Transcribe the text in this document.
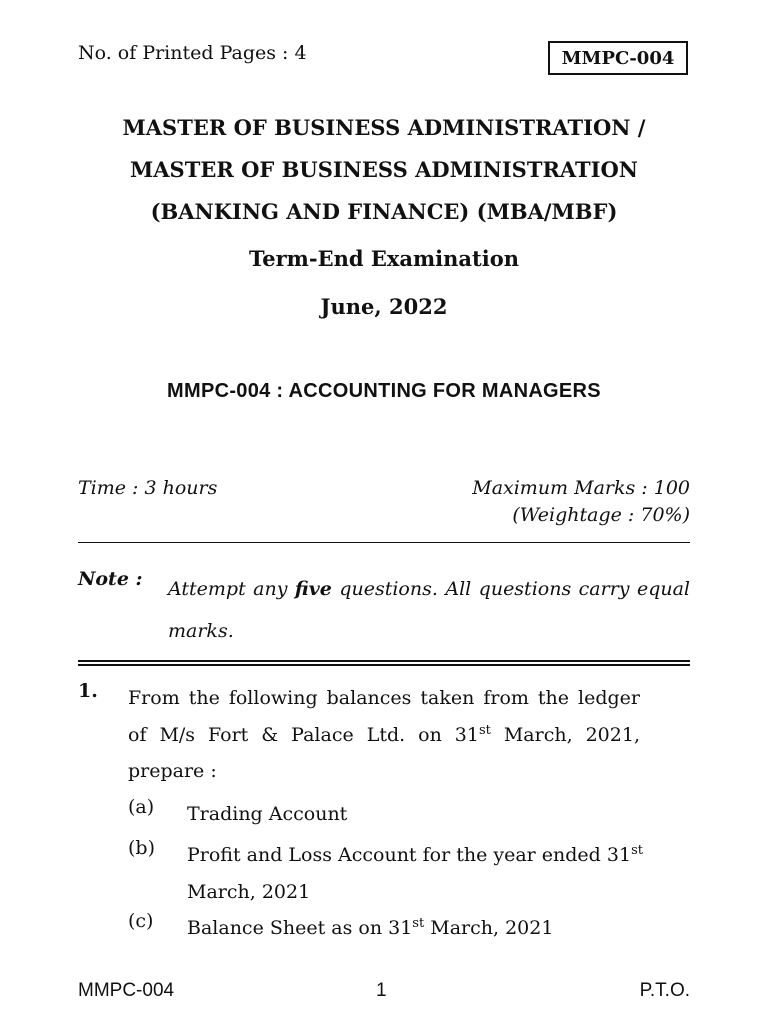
No. of Printed Pages : 4	MMPC-004
MASTER OF BUSINESS ADMINISTRATION /
MASTER OF BUSINESS ADMINISTRATION
(BANKING AND FINANCE) (MBA/MBF)
Term-End Examination
June, 2022
MMPC-004 : ACCOUNTING FOR MANAGERS
Time : 3 hours	Maximum Marks : 100
(Weightage : 70%)
Note : Attempt any five questions. All questions carry equal marks.
1. From the following balances taken from the ledger of M/s Fort & Palace Ltd. on 31st March, 2021, prepare :
(a) Trading Account
(b) Profit and Loss Account for the year ended 31st March, 2021
(c) Balance Sheet as on 31st March, 2021
MMPC-004	1	P.T.O.
